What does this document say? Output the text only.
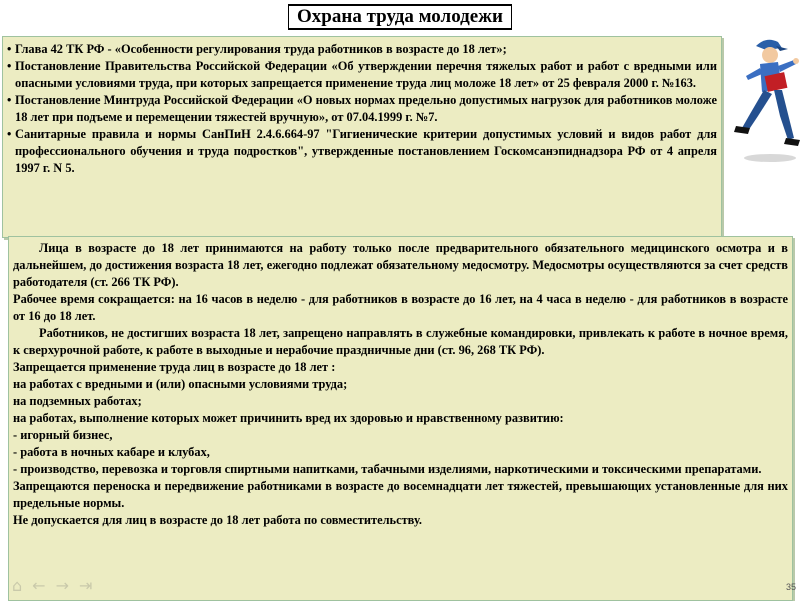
Охрана труда молодежи

• Глава 42 ТК РФ - «Особенности регулирования труда работников в возрасте до 18 лет»;

• Постановление Правительства Российской Федерации «Об утверждении перечня тяжелых работ и работ с вредными или опасными условиями труда, при которых запрещается применение труда лиц моложе 18 лет» от 25 февраля 2000 г. №163.

• Постановление Минтруда Российской Федерации «О новых нормах предельно допустимых нагрузок для работников моложе 18 лет при подъеме и перемещении тяжестей вручную», от 07.04.1999 г. №7.

• Санитарные правила и нормы СанПиН 2.4.6.664-97 "Гигиенические критерии допустимых условий и видов работ для профессионального обучения и труда подростков", утвержденные постановлением Госкомсанэпиднадзора РФ от 4 апреля 1997 г. N 5.

Лица в возрасте до 18 лет принимаются на работу только после предварительного обязательного медицинского осмотра и в дальнейшем, до достижения возраста 18 лет, ежегодно подлежат обязательному медосмотру. Медосмотры осуществляются за счет средств работодателя (ст. 266 ТК РФ).

Рабочее время сокращается: на 16 часов в неделю - для работников в возрасте до 16 лет, на 4 часа в неделю - для работников в возрасте от 16 до 18 лет.

Работников, не достигших возраста 18 лет, запрещено направлять в служебные командировки, привлекать к работе в ночное время, к сверхурочной работе, к работе в выходные и нерабочие праздничные дни (ст. 96, 268 ТК РФ).

Запрещается применение труда лиц в возрасте до 18 лет :

на работах с вредными и (или) опасными условиями труда;

на подземных работах;

на работах, выполнение которых может причинить вред их здоровью и нравственному развитию:

- игорный бизнес,

- работа в ночных кабаре и клубах,

- производство, перевозка и торговля спиртными напитками, табачными изделиями, наркотическими и токсическими препаратами.

Запрещаются переноска и передвижение работниками в возрасте до восемнадцати лет тяжестей, превышающих установленные для них предельные нормы.

Не допускается для лиц в возрасте до 18 лет работа по совместительству.

⌂ ← → ⇥	35
